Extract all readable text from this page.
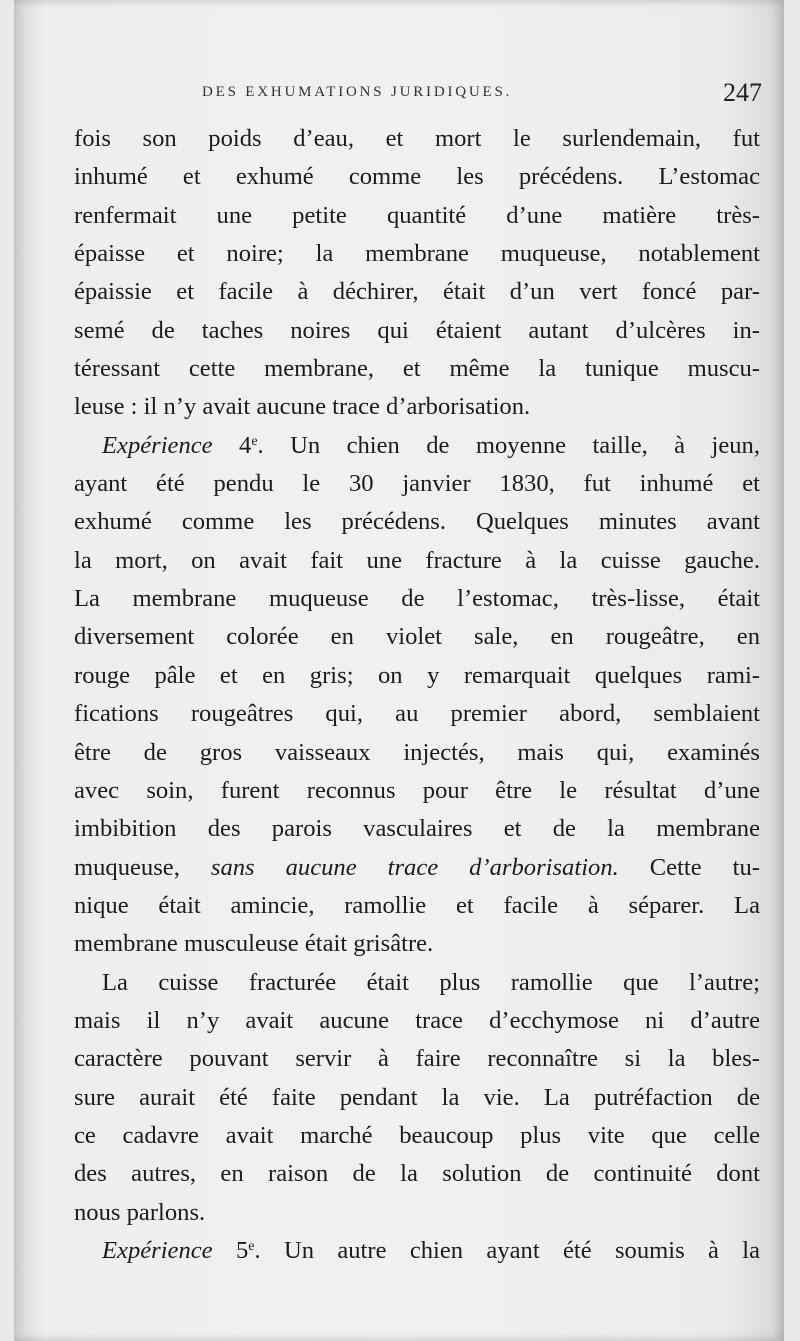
DES EXHUMATIONS JURIDIQUES.	247
fois son poids d’eau, et mort le surlendemain, fut
inhumé et exhumé comme les précédens. L’estomac
renfermait une petite quantité d’une matière très-
épaisse et noire; la membrane muqueuse, notablement
épaissie et facile à déchirer, était d’un vert foncé par-
semé de taches noires qui étaient autant d’ulcères in-
téressant cette membrane, et même la tunique muscu-
leuse : il n’y avait aucune trace d’arborisation.
Expérience 4e. Un chien de moyenne taille, à jeun,
ayant été pendu le 30 janvier 1830, fut inhumé et
exhumé comme les précédens. Quelques minutes avant
la mort, on avait fait une fracture à la cuisse gauche.
La membrane muqueuse de l’estomac, très-lisse, était
diversement colorée en violet sale, en rougeâtre, en
rouge pâle et en gris; on y remarquait quelques rami-
fications rougeâtres qui, au premier abord, semblaient
être de gros vaisseaux injectés, mais qui, examinés
avec soin, furent reconnus pour être le résultat d’une
imbibition des parois vasculaires et de la membrane
muqueuse, sans aucune trace d’arborisation. Cette tu-
nique était amincie, ramollie et facile à séparer. La
membrane musculeuse était grisâtre.
La cuisse fracturée était plus ramollie que l’autre;
mais il n’y avait aucune trace d’ecchymose ni d’autre
caractère pouvant servir à faire reconnaître si la bles-
sure aurait été faite pendant la vie. La putréfaction de
ce cadavre avait marché beaucoup plus vite que celle
des autres, en raison de la solution de continuité dont
nous parlons.
Expérience 5e. Un autre chien ayant été soumis à la
